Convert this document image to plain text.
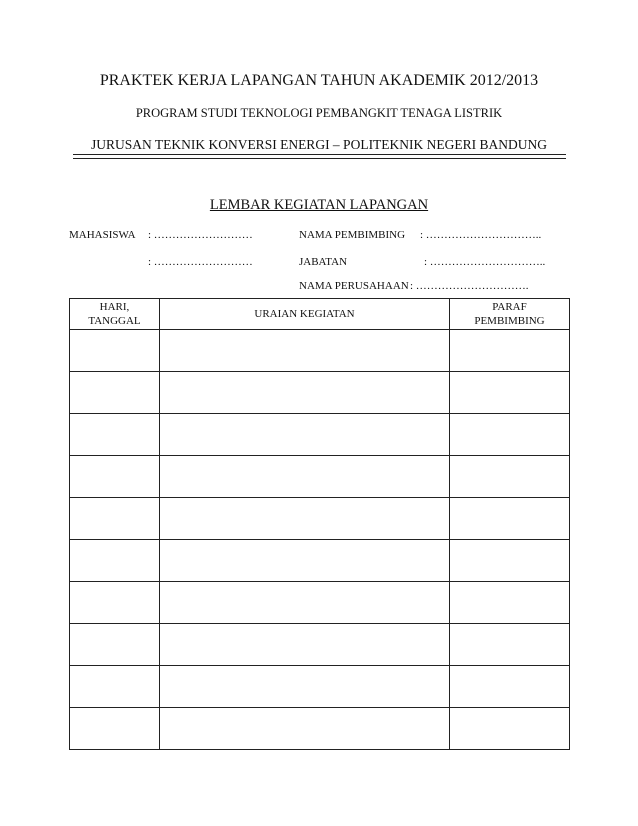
PRAKTEK KERJA LAPANGAN TAHUN AKADEMIK 2012/2013
PROGRAM STUDI TEKNOLOGI PEMBANGKIT TENAGA LISTRIK
JURUSAN TEKNIK KONVERSI ENERGI – POLITEKNIK NEGERI BANDUNG
LEMBAR KEGIATAN LAPANGAN
MAHASISWA : ………………………
: ………………………
NAMA PEMBIMBING : …………………………..
JABATAN	: …………………………..
NAMA PERUSAHAAN : ………………………….
HARI, TANGGAL	URAIAN KEGIATAN	PARAF PEMBIMBING
